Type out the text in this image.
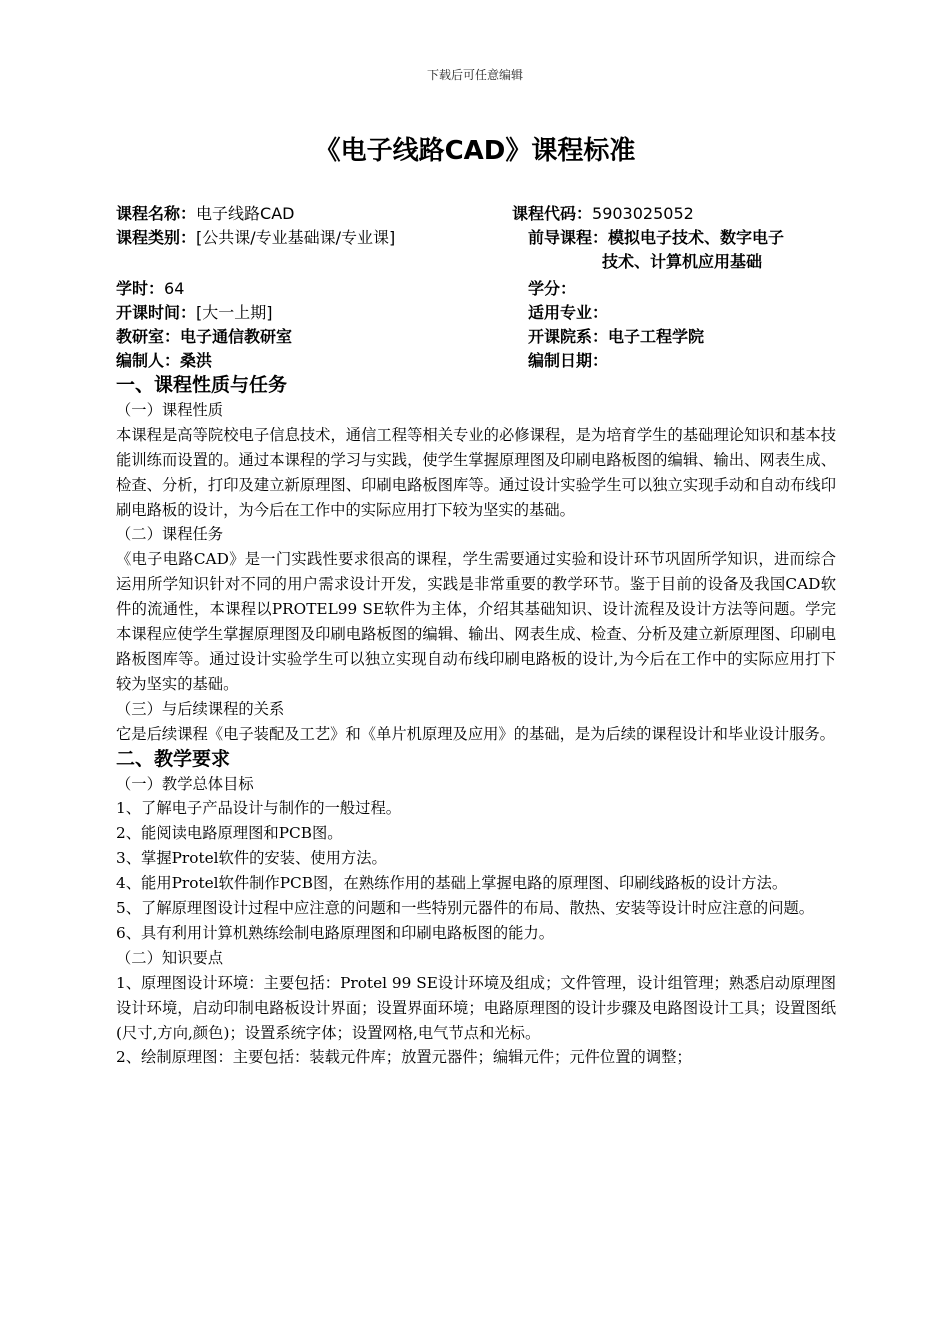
下载后可任意编辑
《电子线路CAD》课程标准
课程名称：电子线路CAD	课程代码：5903025052
课程类别：[公共课/专业基础课/专业课]	前导课程：模拟电子技术、数字电子
技术、计算机应用基础
学时：64	学分：
开课时间：[大一上期]	适用专业：
教研室：电子通信教研室	开课院系：电子工程学院
编制人：桑洪	编制日期：

一、课程性质与任务

（一）课程性质

本课程是高等院校电子信息技术，通信工程等相关专业的必修课程，是为培育学生的基础理论知识和基本技能训练而设置的。通过本课程的学习与实践，使学生掌握原理图及印刷电路板图的编辑、输出、网表生成、检查、分析，打印及建立新原理图、印刷电路板图库等。通过设计实验学生可以独立实现手动和自动布线印刷电路板的设计，为今后在工作中的实际应用打下较为坚实的基础。

（二）课程任务

《电子电路CAD》是一门实践性要求很高的课程，学生需要通过实验和设计环节巩固所学知识，进而综合运用所学知识针对不同的用户需求设计开发，实践是非常重要的教学环节。鉴于目前的设备及我国CAD软件的流通性，本课程以PROTEL99 SE软件为主体，介绍其基础知识、设计流程及设计方法等问题。学完本课程应使学生掌握原理图及印刷电路板图的编辑、输出、网表生成、检查、分析及建立新原理图、印刷电路板图库等。通过设计实验学生可以独立实现自动布线印刷电路板的设计,为今后在工作中的实际应用打下较为坚实的基础。

（三）与后续课程的关系

它是后续课程《电子装配及工艺》和《单片机原理及应用》的基础，是为后续的课程设计和毕业设计服务。

二、教学要求

（一）教学总体目标

1、了解电子产品设计与制作的一般过程。

2、能阅读电路原理图和PCB图。

3、掌握Protel软件的安装、使用方法。

4、能用Protel软件制作PCB图，在熟练作用的基础上掌握电路的原理图、印刷线路板的设计方法。

5、了解原理图设计过程中应注意的问题和一些特别元器件的布局、散热、安装等设计时应注意的问题。

6、具有利用计算机熟练绘制电路原理图和印刷电路板图的能力。

（二）知识要点

1、原理图设计环境：主要包括：Protel 99 SE设计环境及组成；文件管理，设计组管理；熟悉启动原理图设计环境，启动印制电路板设计界面；设置界面环境；电路原理图的设计步骤及电路图设计工具；设置图纸(尺寸,方向,颜色)；设置系统字体；设置网格,电气节点和光标。

2、绘制原理图：主要包括：装载元件库；放置元器件；编辑元件；元件位置的调整；
